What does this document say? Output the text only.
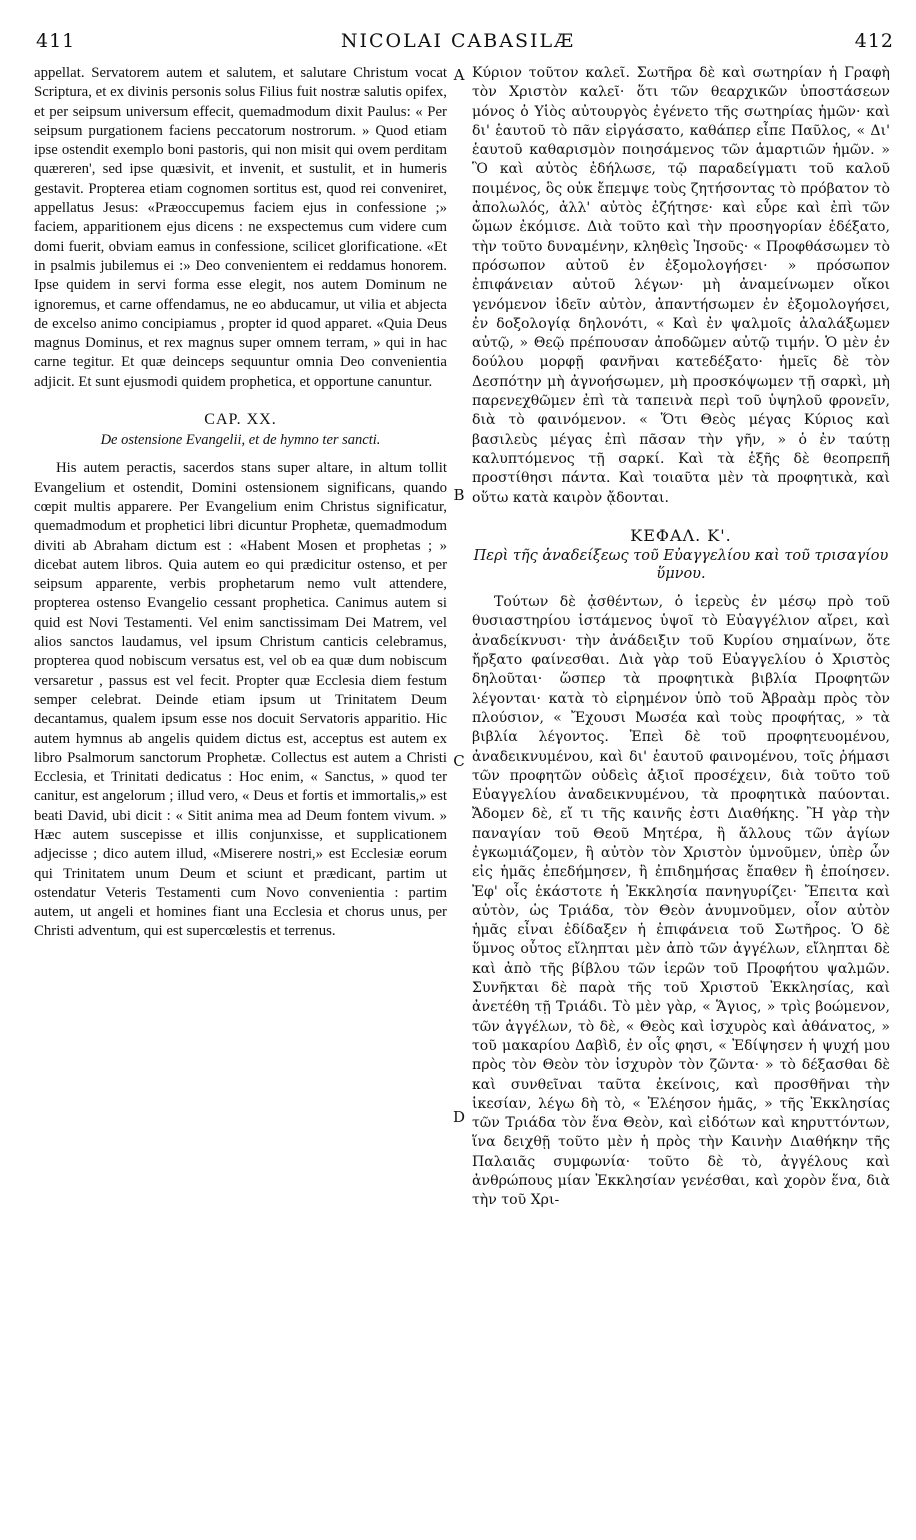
411	NICOLAI CABASILÆ	412

appellat. Servatorem autem et salutem, et salutare Christum vocat Scriptura, et ex divinis personis solus Filius fuit nostræ salutis opifex, et per seipsum universum effecit, quemadmodum dixit Paulus: « Per seipsum purgationem faciens peccatorum nostrorum. » Quod etiam ipse ostendit exemplo boni pastoris, qui non misit qui ovem perditam quæreren', sed ipse quæsivit, et invenit, et sustulit, et in humeris gestavit. Propterea etiam cognomen sortitus est, quod rei conveniret, appellatus Jesus: «Præoccupemus faciem ejus in confessione ;» faciem, apparitionem ejus dicens : ne exspectemus cum videre cum domi fuerit, obviam eamus in confessione, scilicet glorificatione. «Et in psalmis jubilemus ei :» Deo convenientem ei reddamus honorem. Ipse quidem in servi forma esse elegit, nos autem Dominum ne ignoremus, et carne offendamus, ne eo abducamur, ut vilia et abjecta de excelso animo concipiamus , propter id quod apparet. «Quia Deus magnus Dominus, et rex magnus super omnem terram, » qui in hac carne tegitur. Et quæ deinceps sequuntur omnia Deo convenientia adjicit. Et sunt ejusmodi quidem prophetica, et opportune canuntur.

CAP. XX.
De ostensione Evangelii, et de hymno ter sancti.

His autem peractis, sacerdos stans super altare, in altum tollit Evangelium et ostendit, Domini ostensionem significans, quando cœpit multis apparere. Per Evangelium enim Christus significatur, quemadmodum et prophetici libri dicuntur Prophetæ, quemadmodum diviti ab Abraham dictum est : «Habent Mosen et prophetas ; » dicebat autem libros. Quia autem eo qui prædicitur ostenso, et per seipsum apparente, verbis prophetarum nemo vult attendere, propterea ostenso Evangelio cessant prophetica. Canimus autem si quid est Novi Testamenti. Vel enim sanctissimam Dei Matrem, vel alios sanctos laudamus, vel ipsum Christum canticis celebramus, propterea quod nobiscum versatus est, vel ob ea quæ dum nobiscum versaretur , passus est vel fecit. Propter quæ Ecclesia diem festum semper celebrat. Deinde etiam ipsum ut Trinitatem Deum decantamus, qualem ipsum esse nos docuit Servatoris apparitio. Hic autem hymnus ab angelis quidem dictus est, acceptus est autem ex libro Psalmorum sanctorum Prophetæ. Collectus est autem a Christi Ecclesia, et Trinitati dedicatus : Hoc enim, « Sanctus, » quod ter canitur, est angelorum ; illud vero, « Deus et fortis et immortalis,» est beati David, ubi dicit : « Sitit anima mea ad Deum fontem vivum. » Hæc autem suscepisse et illis conjunxisse, et supplicationem adjecisse ; dico autem illud, «Miserere nostri,» est Ecclesiæ eorum qui Trinitatem unum Deum et sciunt et prædicant, partim ut ostendatur Veteris Testamenti cum Novo convenientia : partim autem, ut angeli et homines fiant una Ecclesia et chorus unus, per Christi adventum, qui est supercœlestis et terrenus.

A
B
C
D

Κύριον τοῦτον καλεῖ. Σωτῆρα δὲ καὶ σωτηρίαν ἡ Γραφὴ τὸν Χριστὸν καλεῖ· ὅτι τῶν θεαρχικῶν ὑποστάσεων μόνος ὁ Υἱὸς αὐτουργὸς ἐγένετο τῆς σωτηρίας ἡμῶν· καὶ δι' ἑαυτοῦ τὸ πᾶν εἰργάσατο, καθάπερ εἶπε Παῦλος, « Δι' ἑαυτοῦ καθαρισμὸν ποιησάμενος τῶν ἁμαρτιῶν ἡμῶν. » Ὃ καὶ αὐτὸς ἐδήλωσε, τῷ παραδείγματι τοῦ καλοῦ ποιμένος, ὃς οὐκ ἔπεμψε τοὺς ζητήσοντας τὸ πρόβατον τὸ ἀπολωλός, ἀλλ' αὐτὸς ἐζήτησε· καὶ εὗρε καὶ ἐπὶ τῶν ὤμων ἐκόμισε. Διὰ τοῦτο καὶ τὴν προσηγορίαν ἐδέξατο, τὴν τοῦτο δυναμένην, κληθεὶς Ἰησοῦς· « Προφθάσωμεν τὸ πρόσωπον αὐτοῦ ἐν ἐξομολογήσει· » πρόσωπον ἐπιφάνειαν αὐτοῦ λέγων· μὴ ἀναμείνωμεν οἴκοι γενόμενον ἰδεῖν αὐτὸν, ἀπαντήσωμεν ἐν ἐξομολογήσει, ἐν δοξολογίᾳ δηλονότι, « Καὶ ἐν ψαλμοῖς ἀλαλάξωμεν αὐτῷ, » Θεῷ πρέπουσαν ἀποδῶμεν αὐτῷ τιμήν. Ὁ μὲν ἐν δούλου μορφῇ φανῆναι κατεδέξατο· ἡμεῖς δὲ τὸν Δεσπότην μὴ ἀγνοήσωμεν, μὴ προσκόψωμεν τῇ σαρκὶ, μὴ παρενεχθῶμεν ἐπὶ τὰ ταπεινὰ περὶ τοῦ ὑψηλοῦ φρονεῖν, διὰ τὸ φαινόμενον. « Ὅτι Θεὸς μέγας Κύριος καὶ βασιλεὺς μέγας ἐπὶ πᾶσαν τὴν γῆν, » ὁ ἐν ταύτῃ καλυπτόμενος τῇ σαρκί. Καὶ τὰ ἑξῆς δὲ θεοπρεπῆ προστίθησι πάντα. Καὶ τοιαῦτα μὲν τὰ προφητικὰ, καὶ οὕτω κατὰ καιρὸν ᾄδονται.

ΚΕΦΑΛ. Κ'.
Περὶ τῆς ἀναδείξεως τοῦ Εὐαγγελίου καὶ τοῦ τρισαγίου ὕμνου.

Τούτων δὲ ᾀσθέντων, ὁ ἱερεὺς ἐν μέσῳ πρὸ τοῦ θυσιαστηρίου ἱστάμενος ὑψοῖ τὸ Εὐαγγέλιον αἴρει, καὶ ἀναδείκνυσι· τὴν ἀνάδειξιν τοῦ Κυρίου σημαίνων, ὅτε ἤρξατο φαίνεσθαι. Διὰ γὰρ τοῦ Εὐαγγελίου ὁ Χριστὸς δηλοῦται· ὥσπερ τὰ προφητικὰ βιβλία Προφητῶν λέγονται· κατὰ τὸ εἰρημένον ὑπὸ τοῦ Ἀβραὰμ πρὸς τὸν πλούσιον, « Ἔχουσι Μωσέα καὶ τοὺς προφήτας, » τὰ βιβλία λέγοντος. Ἐπεὶ δὲ τοῦ προφητευομένου, ἀναδεικνυμένου, καὶ δι' ἑαυτοῦ φαινομένου, τοῖς ῥήμασι τῶν προφητῶν οὐδεὶς ἀξιοῖ προσέχειν, διὰ τοῦτο τοῦ Εὐαγγελίου ἀναδεικνυμένου, τὰ προφητικὰ παύονται. Ἄδομεν δὲ, εἴ τι τῆς καινῆς ἐστι Διαθήκης. Ἢ γὰρ τὴν παναγίαν τοῦ Θεοῦ Μητέρα, ἢ ἄλλους τῶν ἁγίων ἐγκωμιάζομεν, ἢ αὐτὸν τὸν Χριστὸν ὑμνοῦμεν, ὑπὲρ ὧν εἰς ἡμᾶς ἐπεδήμησεν, ἢ ἐπιδημήσας ἔπαθεν ἢ ἐποίησεν. Ἐφ' οἷς ἑκάστοτε ἡ Ἐκκλησία πανηγυρίζει· Ἔπειτα καὶ αὐτὸν, ὡς Τριάδα, τὸν Θεὸν ἀνυμνοῦμεν, οἷον αὐτὸν ἡμᾶς εἶναι ἐδίδαξεν ἡ ἐπιφάνεια τοῦ Σωτῆρος. Ὁ δὲ ὕμνος οὗτος εἴληπται μὲν ἀπὸ τῶν ἀγγέλων, εἴληπται δὲ καὶ ἀπὸ τῆς βίβλου τῶν ἱερῶν τοῦ Προφήτου ψαλμῶν. Συνῆκται δὲ παρὰ τῆς τοῦ Χριστοῦ Ἐκκλησίας, καὶ ἀνετέθη τῇ Τριάδι. Τὸ μὲν γὰρ, « Ἅγιος, » τρὶς βοώμενον, τῶν ἀγγέλων, τὸ δὲ, « Θεὸς καὶ ἰσχυρὸς καὶ ἀθάνατος, » τοῦ μακαρίου Δαβὶδ, ἐν οἷς φησι, « Ἐδίψησεν ἡ ψυχή μου πρὸς τὸν Θεὸν τὸν ἰσχυρὸν τὸν ζῶντα· » τὸ δέξασθαι δὲ καὶ συνθεῖναι ταῦτα ἐκείνοις, καὶ προσθῆναι τὴν ἱκεσίαν, λέγω δὴ τὸ, « Ἐλέησον ἡμᾶς, » τῆς Ἐκκλησίας τῶν Τριάδα τὸν ἕνα Θεὸν, καὶ εἰδότων καὶ κηρυττόντων, ἵνα δειχθῇ τοῦτο μὲν ἡ πρὸς τὴν Καινὴν Διαθήκην τῆς Παλαιᾶς συμφωνία· τοῦτο δὲ τὸ, ἀγγέλους καὶ ἀνθρώπους μίαν Ἐκκλησίαν γενέσθαι, καὶ χορὸν ἕνα, διὰ τὴν τοῦ Χρι-
